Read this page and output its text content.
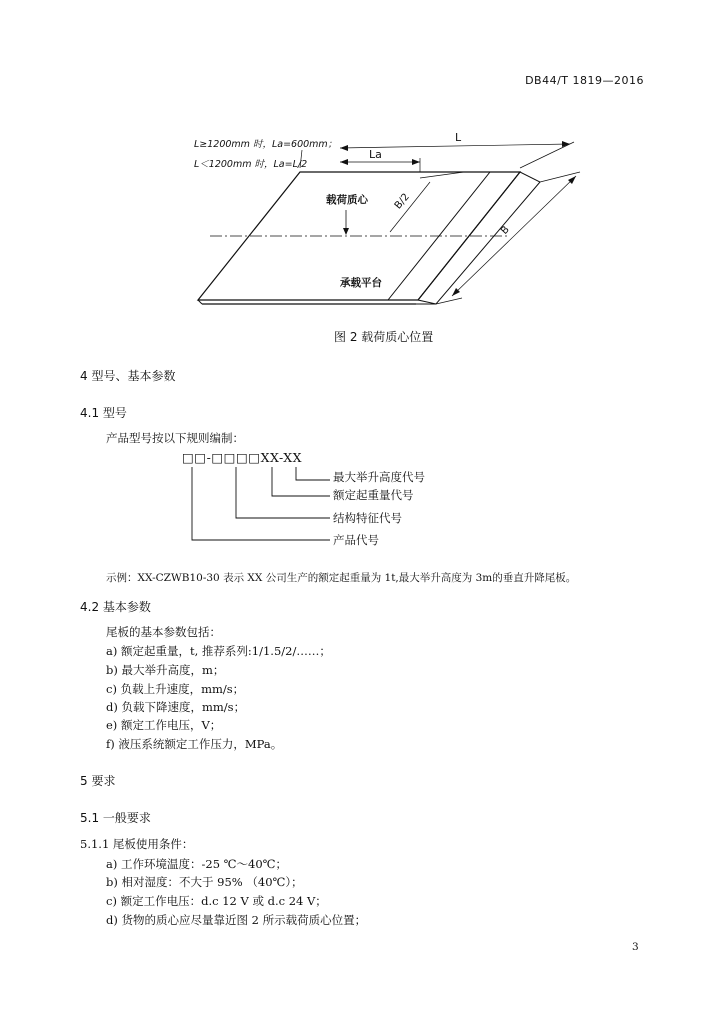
DB44/T 1819—2016
L≥1200mm 时，La=600mm；
L＜1200mm 时，La=L/2
L
La
B/2
B
载荷质心
承载平台
图 2 载荷质心位置
4 型号、基本参数
4.1 型号
产品型号按以下规则编制：
□□-□□□□XX-XX
最大举升高度代号
额定起重量代号
结构特征代号
产品代号
示例：XX-CZWB10-30 表示 XX 公司生产的额定起重量为 1t,最大举升高度为 3m的垂直升降尾板。
4.2 基本参数
尾板的基本参数包括：
a) 额定起重量，t, 推荐系列:1/1.5/2/……；
b) 最大举升高度，m；
c) 负载上升速度，mm/s；
d) 负载下降速度，mm/s；
e) 额定工作电压，V；
f) 液压系统额定工作压力，MPa。
5 要求
5.1 一般要求
5.1.1 尾板使用条件：
a) 工作环境温度：-25 ℃～40℃；
b) 相对湿度：不大于 95% （40℃）；
c) 额定工作电压：d.c 12 V 或 d.c 24 V；
d) 货物的质心应尽量靠近图 2 所示载荷质心位置；
3
